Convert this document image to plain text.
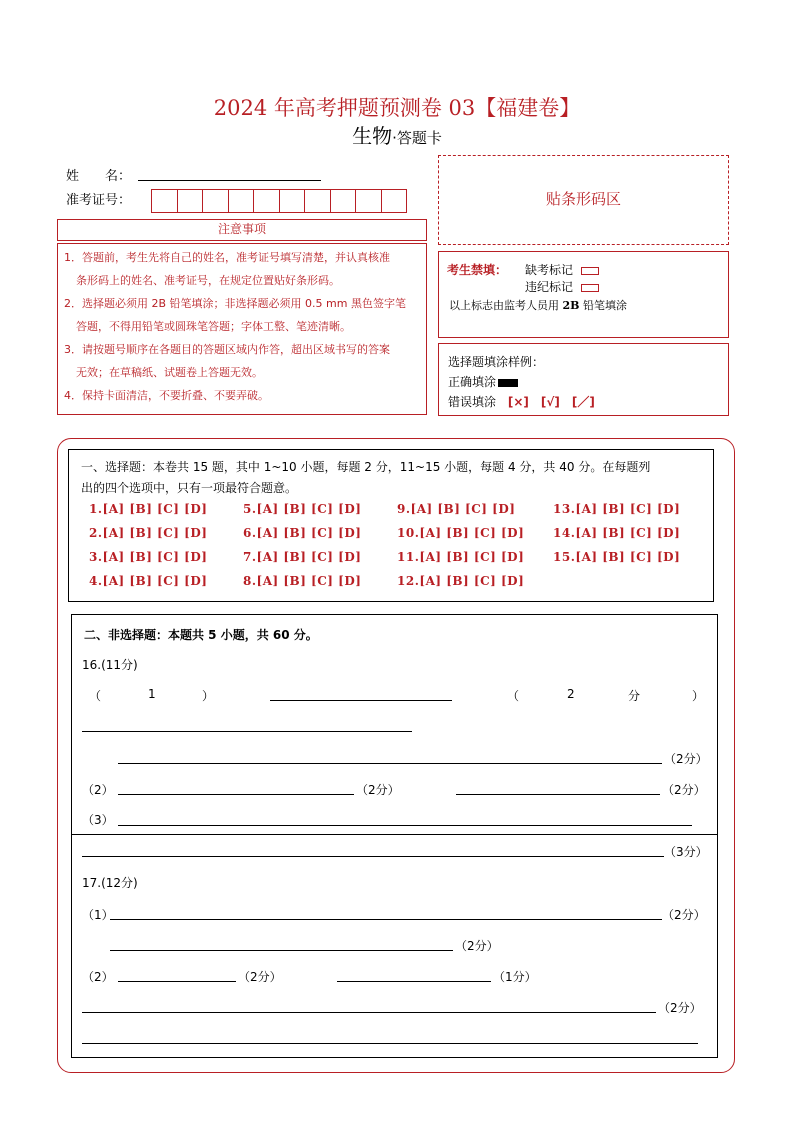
2024 年高考押题预测卷 03【福建卷】
生物·答题卡
姓　　名：
准考证号：	贴条形码区
注意事项
1．答题前，考生先将自己的姓名，准考证号填写清楚，并认真核准
条形码上的姓名、准考证号，在规定位置贴好条形码。
2．选择题必须用 2B 铅笔填涂；非选择题必须用 0.5 mm 黑色签字笔
答题，不得用铅笔或圆珠笔答题；字体工整、笔迹清晰。
3．请按题号顺序在各题目的答题区域内作答，超出区域书写的答案
无效；在草稿纸、试题卷上答题无效。
4．保持卡面清洁，不要折叠、不要弄破。
考生禁填： 缺考标记
违纪标记
以上标志由监考人员用 2B 铅笔填涂
选择题填涂样例：
正确填涂
错误填涂 [×]　[√]　[／]
一、选择题：本卷共 15 题，其中 1~10 小题，每题 2 分，11~15 小题，每题 4 分，共 40 分。在每题列
出的四个选项中，只有一项最符合题意。
1.[A] [B] [C] [D]
2.[A] [B] [C] [D]
3.[A] [B] [C] [D]
4.[A] [B] [C] [D]
5.[A] [B] [C] [D]
6.[A] [B] [C] [D]
7.[A] [B] [C] [D]
8.[A] [B] [C] [D]
9.[A] [B] [C] [D]
10.[A] [B] [C] [D]
11.[A] [B] [C] [D]
12.[A] [B] [C] [D]
13.[A] [B] [C] [D]
14.[A] [B] [C] [D]
15.[A] [B] [C] [D]
二、非选择题：本题共 5 小题，共 60 分。
16.(11分)
（	1	）	（	2	分	）
（2分）
（2）	（2分）	（2分）
（3）
（3分）
17.(12分)
（1）	（2分）
（2分）
（2）	（2分）	（1分）
（2分）
